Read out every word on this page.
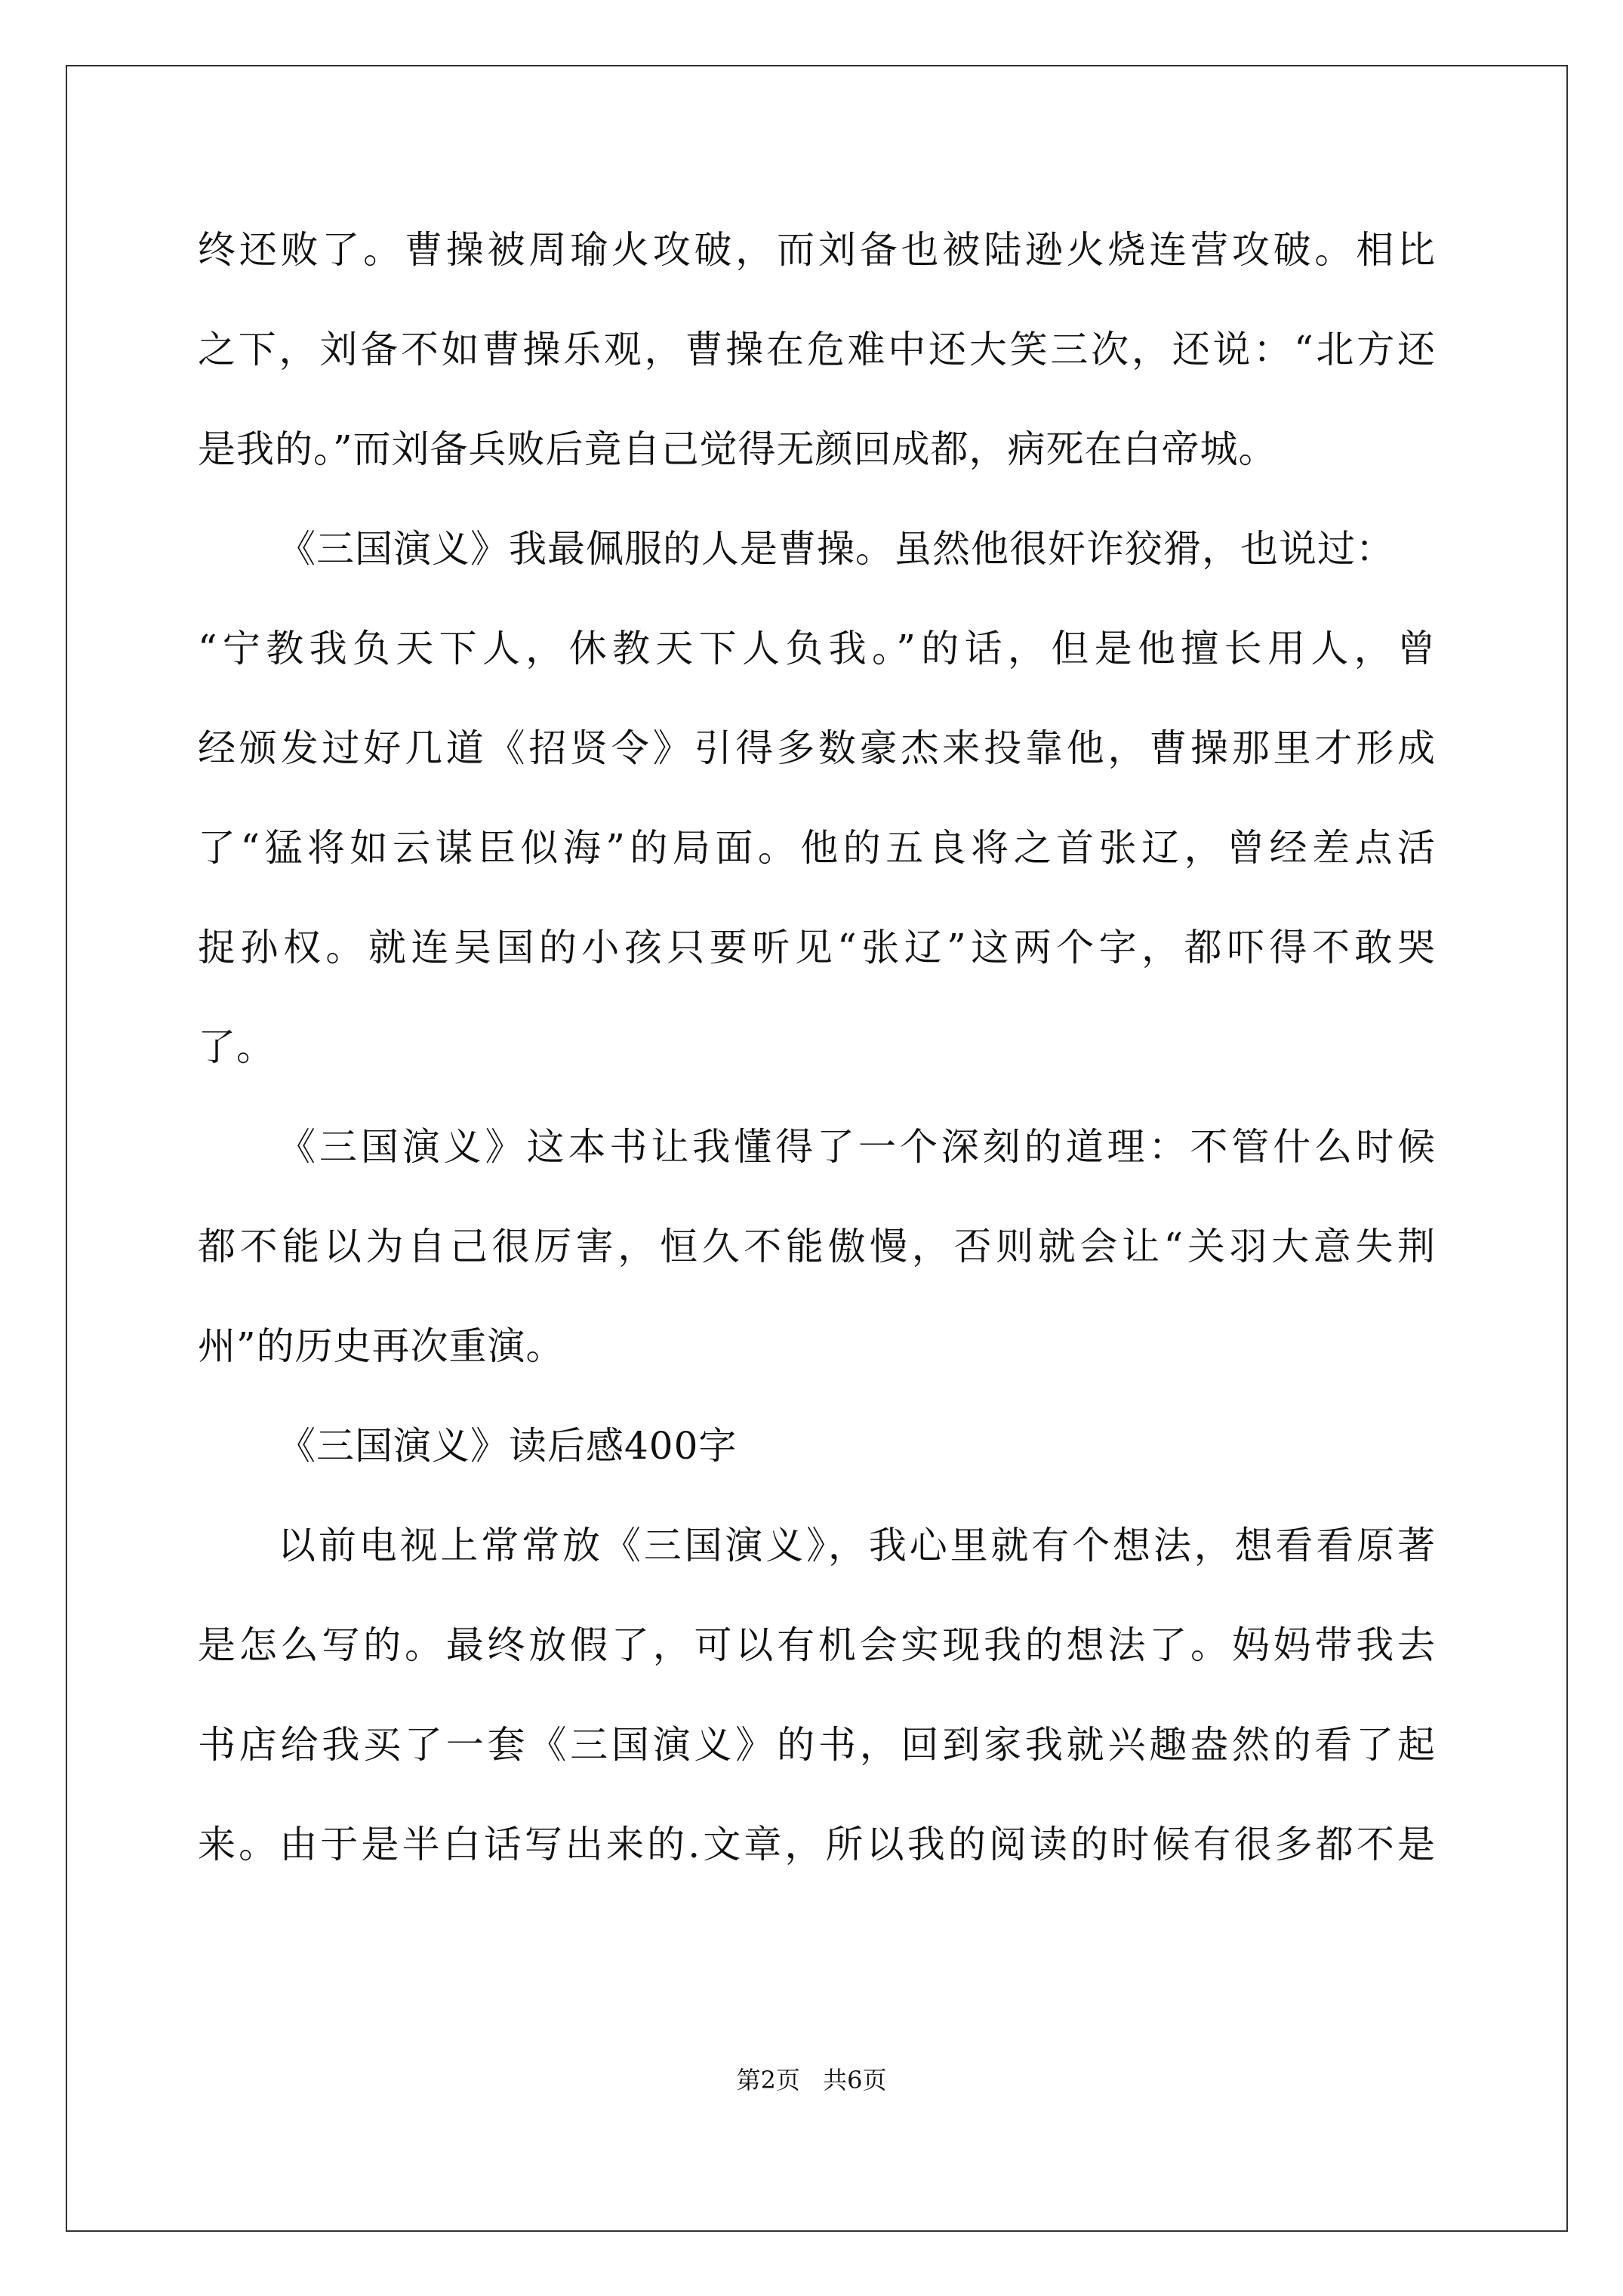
终还败了。曹操被周瑜火攻破，而刘备也被陆逊火烧连营攻破。相比
之下，刘备不如曹操乐观，曹操在危难中还大笑三次，还说：“北方还
是我的。”而刘备兵败后竟自己觉得无颜回成都，病死在白帝城。
《三国演义》我最佩服的人是曹操。虽然他很奸诈狡猾，也说过：
“宁教我负天下人，休教天下人负我。”的话，但是他擅长用人，曾
经颁发过好几道《招贤令》引得多数豪杰来投靠他，曹操那里才形成
了“猛将如云谋臣似海”的局面。他的五良将之首张辽，曾经差点活
捉孙权。就连吴国的小孩只要听见“张辽”这两个字，都吓得不敢哭
了。
《三国演义》这本书让我懂得了一个深刻的道理：不管什么时候
都不能以为自己很厉害，恒久不能傲慢，否则就会让“关羽大意失荆
州”的历史再次重演。
《三国演义》读后感400字
以前电视上常常放《三国演义》，我心里就有个想法，想看看原著
是怎么写的。最终放假了，可以有机会实现我的想法了。妈妈带我去
书店给我买了一套《三国演义》的书，回到家我就兴趣盎然的看了起
来。由于是半白话写出来的.文章，所以我的阅读的时候有很多都不是
第2页 共6页
